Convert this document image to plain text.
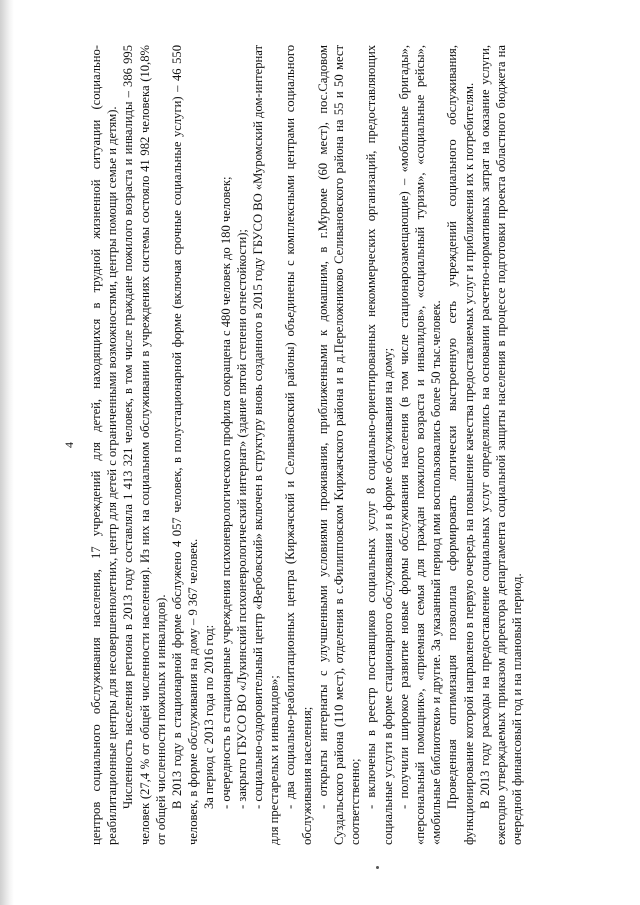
4 центров социального обслуживания населения, 17 учреждений для детей, находящихся в трудной жизненной ситуации (социально-реабилитационные центры для несовершеннолетних, центр для детей с ограниченными возможностями, центры помощи семье и детям). Численность населения региона в 2013 году составляла 1 413 321 человек, в том числе граждане пожилого возраста и инвалиды – 386 995 человек (27,4 % от общей численности населения). Из них на социальном обслуживании в учреждениях системы состояло 41 982 человека (10,8% от общей численности пожилых и инвалидов). В 2013 году в стационарной форме обслужено 4 057 человек, в полустационарной форме (включая срочные социальные услуги) – 46 550 человек, в форме обслуживания на дому – 9 367 человек. За период с 2013 года по 2016 год: - очередность в стационарные учреждения психоневрологического профиля сокращена с 480 человек до 180 человек; - закрыто ГБУСО ВО «Лукинский психоневрологический интернат» (здание пятой степени огнестойкости); - социально-оздоровительный центр «Вербовский» включен в структуру вновь созданного в 2015 году ГБУСО ВО «Муромский дом-интернат для престарелых и инвалидов»; - два социально-реабилитационных центра (Киржачский и Селивановский районы) объединены с комплексными центрами социального обслуживания населения; - открыты интернаты с улучшенными условиями проживания, приближенными к домашним, в г.Муроме (60 мест), пос.Садовом Суздальского района (110 мест), отделения в с.Филипповском Киржачского района и в д.Переложниково Селивановского района на 55 и 50 мест соответственно; - включены в реестр поставщиков социальных услуг 8 социально-ориентированных некоммерческих организаций, предоставляющих социальные услуги в форме стационарного обслуживания и в форме обслуживания на дому; - получили широкое развитие новые формы обслуживания населения (в том числе стационарозамещающие) – «мобильные бригады», «персональный помощник», «приемная семья для граждан пожилого возраста и инвалидов», «социальный туризм», «социальные рейсы», «мобильные библиотеки» и другие. За указанный период ими воспользовались более 50 тыс.человек. Проведенная оптимизация позволила сформировать логически выстроенную сеть учреждений социального обслуживания, функционирование которой направлено в первую очередь на повышение качества предоставляемых услуг и приближения их к потребителям. В 2013 году расходы на предоставление социальных услуг определялись на основании расчетно-нормативных затрат на оказание услуги, ежегодно утверждаемых приказом директора департамента социальной защиты населения в процессе подготовки проекта областного бюджета на очередной финансовый год и на плановый период.
